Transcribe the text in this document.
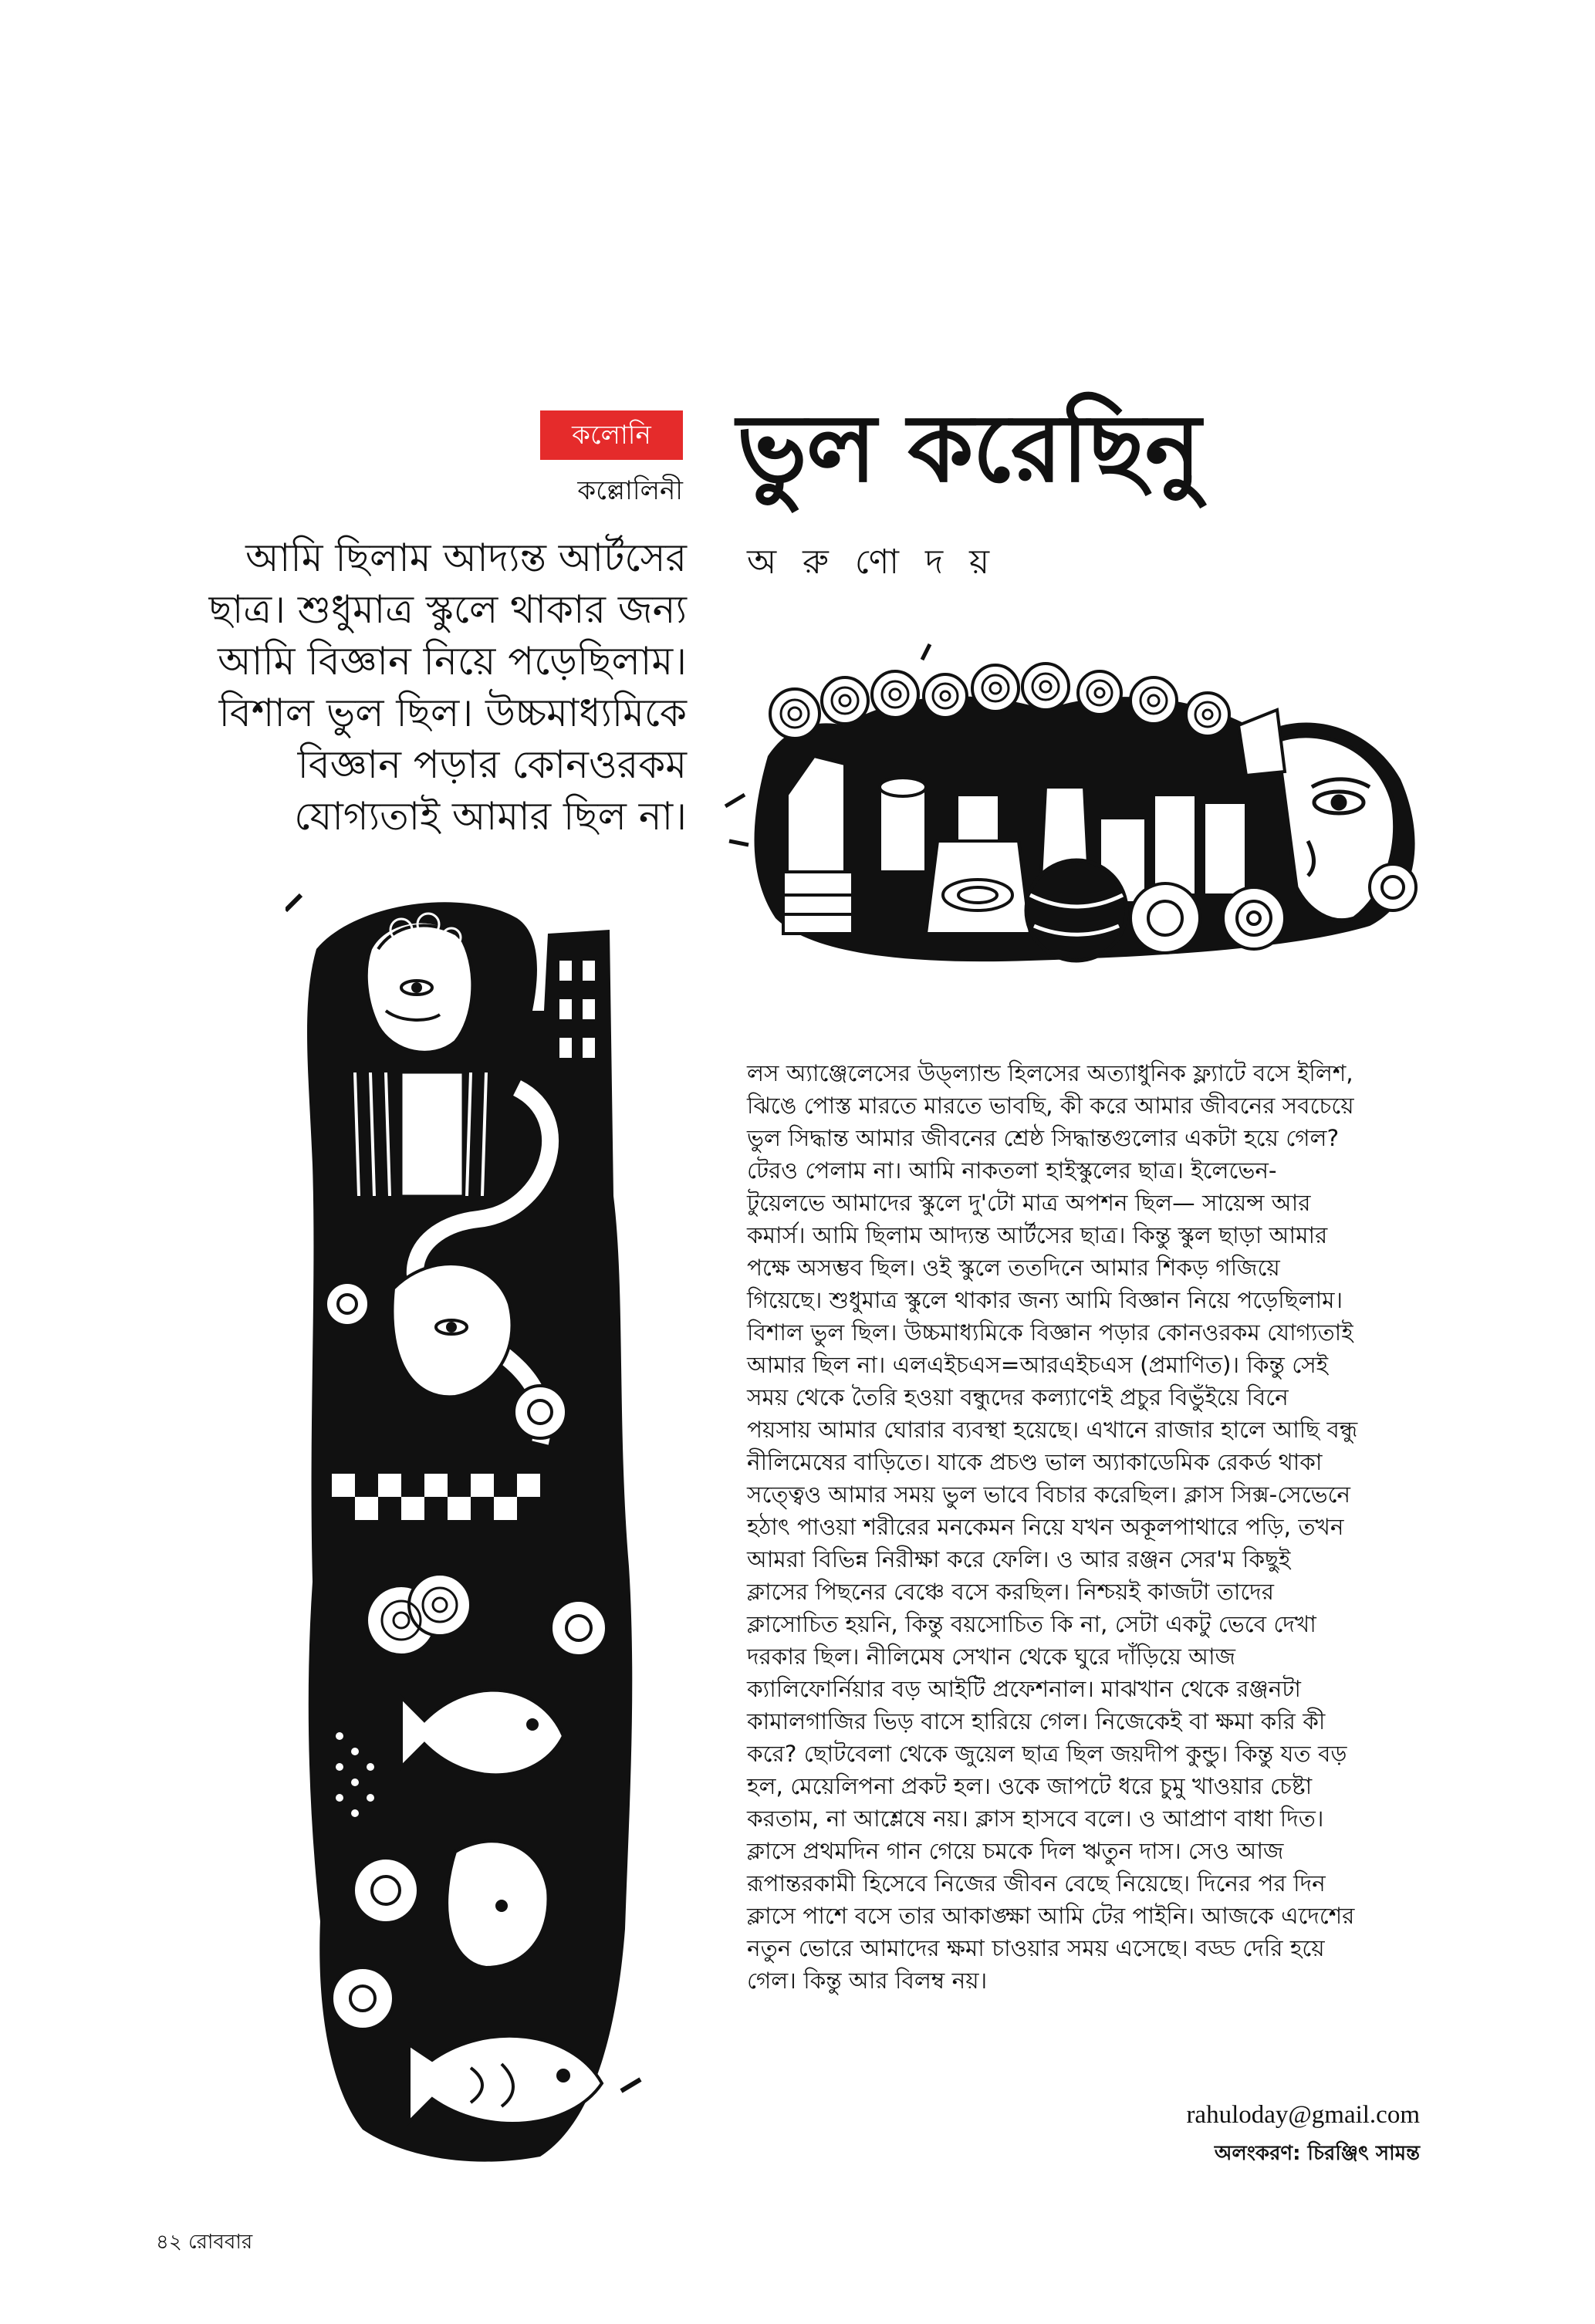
কলোনি
কল্লোলিনী ভুল করেছিনু
অ রু ণো দ য়
আমি ছিলাম আদ্যন্ত আর্টসের
ছাত্র। শুধুমাত্র স্কুলে থাকার জন্য
আমি বিজ্ঞান নিয়ে পড়েছিলাম।
বিশাল ভুল ছিল। উচ্চমাধ্যমিকে
বিজ্ঞান পড়ার কোনওরকম
যোগ্যতাই আমার ছিল না।
লস অ্যাঞ্জেলেসের উড্‌ল্যান্ড হিলসের অত্যাধুনিক ফ্ল্যাটে বসে ইলিশ,
ঝিঙে পোস্ত মারতে মারতে ভাবছি, কী করে আমার জীবনের সবচেয়ে
ভুল সিদ্ধান্ত আমার জীবনের শ্রেষ্ঠ সিদ্ধান্তগুলোর একটা হয়ে গেল?
টেরও পেলাম না। আমি নাকতলা হাইস্কুলের ছাত্র। ইলেভেন-
টুয়েলভে আমাদের স্কুলে দু'টো মাত্র অপশন ছিল— সায়েন্স আর
কমার্স। আমি ছিলাম আদ্যন্ত আর্টসের ছাত্র। কিন্তু স্কুল ছাড়া আমার
পক্ষে অসম্ভব ছিল। ওই স্কুলে ততদিনে আমার শিকড় গজিয়ে
গিয়েছে। শুধুমাত্র স্কুলে থাকার জন্য আমি বিজ্ঞান নিয়ে পড়েছিলাম।
বিশাল ভুল ছিল। উচ্চমাধ্যমিকে বিজ্ঞান পড়ার কোনওরকম যোগ্যতাই
আমার ছিল না। এলএইচএস=আরএইচএস (প্রমাণিত)। কিন্তু সেই
সময় থেকে তৈরি হওয়া বন্ধুদের কল্যাণেই প্রচুর বিভুঁইয়ে বিনে
পয়সায় আমার ঘোরার ব্যবস্থা হয়েছে। এখানে রাজার হালে আছি বন্ধু
নীলিমেষের বাড়িতে। যাকে প্রচণ্ড ভাল অ্যাকাডেমিক রেকর্ড থাকা
সত্ত্বেও আমার সময় ভুল ভাবে বিচার করেছিল। ক্লাস সিক্স-সেভেনে
হঠাৎ পাওয়া শরীরের মনকেমন নিয়ে যখন অকূলপাথারে পড়ি, তখন
আমরা বিভিন্ন নিরীক্ষা করে ফেলি। ও আর রঞ্জন সের'ম কিছুই
ক্লাসের পিছনের বেঞ্চে বসে করছিল। নিশ্চয়ই কাজটা তাদের
ক্লাসোচিত হয়নি, কিন্তু বয়সোচিত কি না, সেটা একটু ভেবে দেখা
দরকার ছিল। নীলিমেষ সেখান থেকে ঘুরে দাঁড়িয়ে আজ
ক্যালিফোর্নিয়ার বড় আইটি প্রফেশনাল। মাঝখান থেকে রঞ্জনটা
কামালগাজির ভিড় বাসে হারিয়ে গেল। নিজেকেই বা ক্ষমা করি কী
করে? ছোটবেলা থেকে জুয়েল ছাত্র ছিল জয়দীপ কুন্ডু। কিন্তু যত বড়
হল, মেয়েলিপনা প্রকট হল। ওকে জাপটে ধরে চুমু খাওয়ার চেষ্টা
করতাম, না আশ্লেষে নয়। ক্লাস হাসবে বলে। ও আপ্রাণ বাধা দিত।
ক্লাসে প্রথমদিন গান গেয়ে চমকে দিল ঋতুন দাস। সেও আজ
রূপান্তরকামী হিসেবে নিজের জীবন বেছে নিয়েছে। দিনের পর দিন
ক্লাসে পাশে বসে তার আকাঙ্ক্ষা আমি টের পাইনি। আজকে এদেশের
নতুন ভোরে আমাদের ক্ষমা চাওয়ার সময় এসেছে। বড্ড দেরি হয়ে
গেল। কিন্তু আর বিলম্ব নয়।
rahuloday@gmail.com
অলংকরণ: চিরঞ্জিৎ সামন্ত
৪২ রোববার
